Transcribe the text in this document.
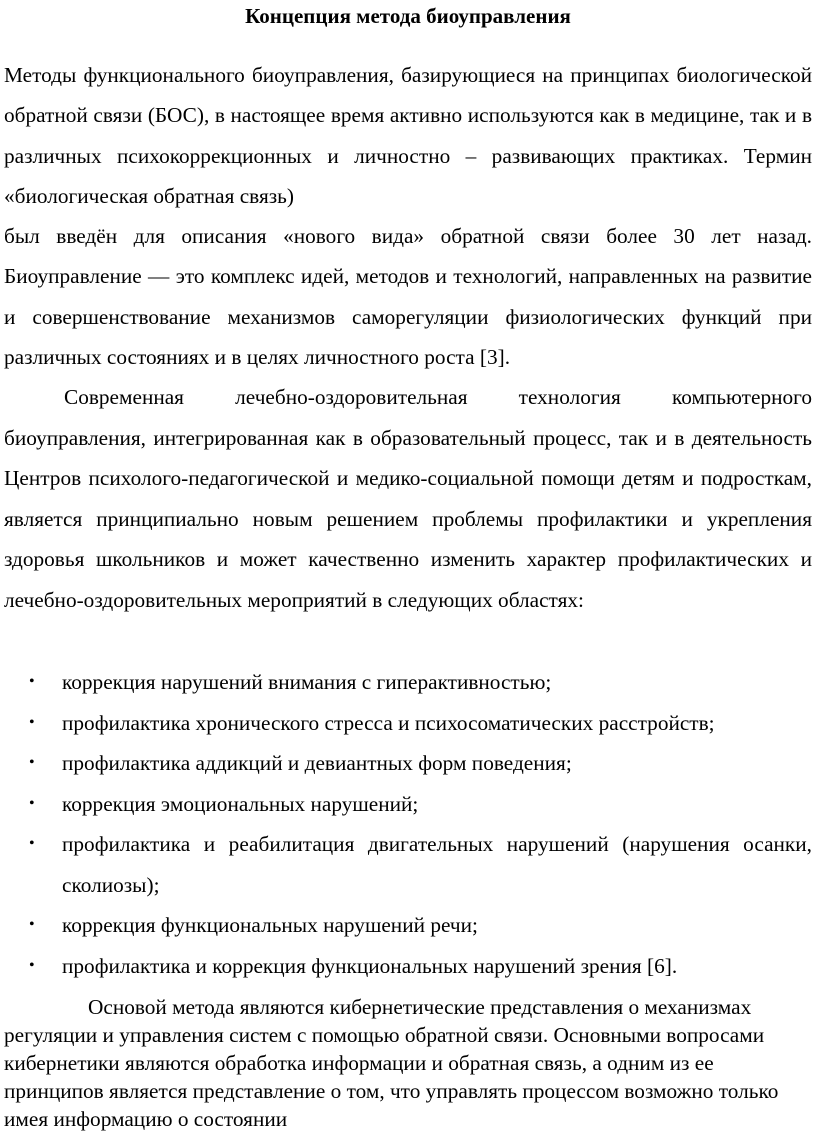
Концепция метода биоуправления

Методы функционального биоуправления, базирующиеся на принципах биологической обратной связи (БОС), в настоящее время активно используются как в медицине, так и в различных психокоррекционных и личностно – развивающих практиках. Термин «биологическая обратная связь)
был введён для описания «нового вида» обратной связи более 30 лет назад. Биоуправление — это комплекс идей, методов и технологий, направленных на развитие и совершенствование механизмов саморегуляции физиологических функций при различных состояниях и в целях личностного роста [3].

Современная лечебно-оздоровительная технология компьютерного биоуправления, интегрированная как в образовательный процесс, так и в деятельность Центров психолого-педагогической и медико-социальной помощи детям и подросткам, является принципиально новым решением проблемы профилактики и укрепления здоровья школьников и может качественно изменить характер профилактических и лечебно-оздоровительных мероприятий в следующих областях:

• коррекция нарушений внимания с гиперактивностью;
• профилактика хронического стресса и психосоматических расстройств;
• профилактика аддикций и девиантных форм поведения;
• коррекция эмоциональных нарушений;
• профилактика и реабилитация двигательных нарушений (нарушения осанки, сколиозы);
• коррекция функциональных нарушений речи;
• профилактика и коррекция функциональных нарушений зрения [6].

Основой метода являются кибернетические представления о механизмах регуляции и управления систем с помощью обратной связи. Основными вопросами кибернетики являются обработка информации и обратная связь, а одним из ее принципов является представление о том, что управлять процессом возможно только имея информацию о состоянии
